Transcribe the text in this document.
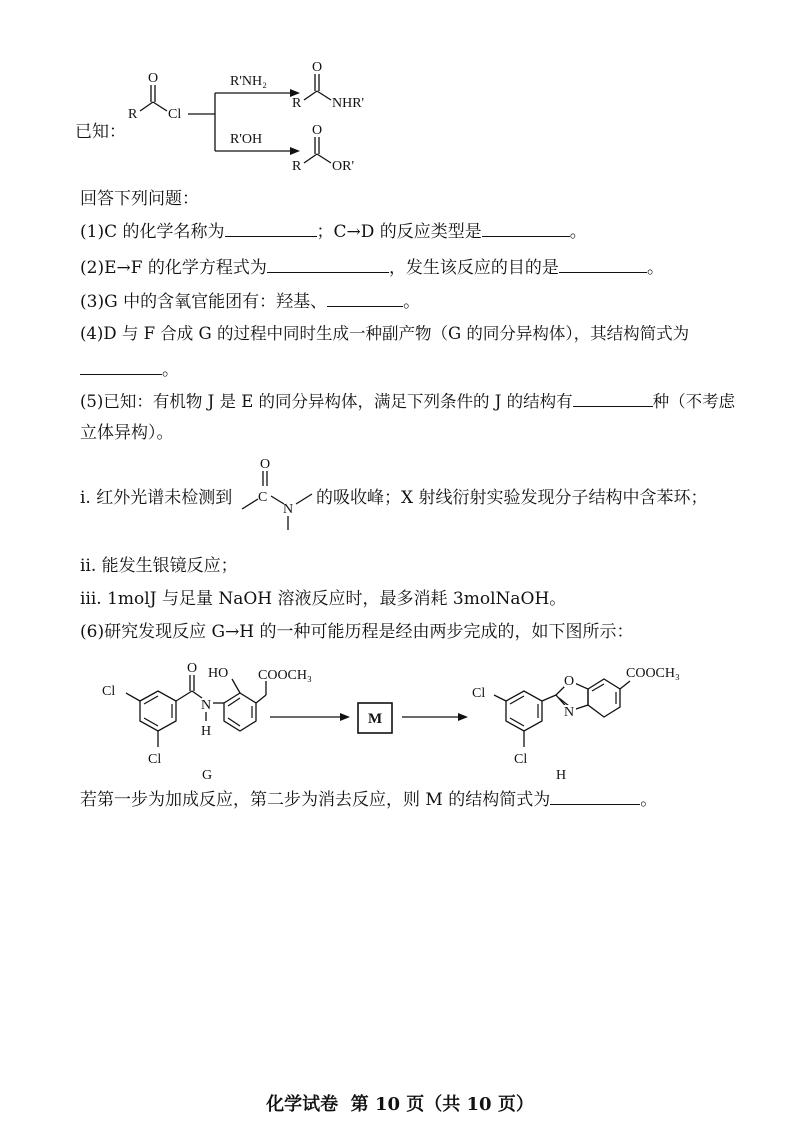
已知：
R
O
Cl
R'NH₂
R'OH
R
O
NHR'
R
O
OR'
回答下列问题：
(1)C 的化学名称为	；C→D 的反应类型是	。
(2)E→F 的化学方程式为	，发生该反应的目的是	。
(3)G 中的含氧官能团有：羟基、	。
(4)D 与 F 合成 G 的过程中同时生成一种副产物（G 的同分异构体），其结构简式为
。
(5)已知：有机物 J 是 E 的同分异构体，满足下列条件的 J 的结构有	种（不考虑
立体异构）。
ⅰ. 红外光谱未检测到 C
O
N
的吸收峰；X 射线衍射实验发现分子结构中含苯环；
ⅱ. 能发生银镜反应；
ⅲ. 1molJ 与足量 NaOH 溶液反应时，最多消耗 3molNaOH。
(6)研究发现反应 G→H 的一种可能历程是经由两步完成的，如下图所示：
Cl
Cl
O
N
H
HO COOCH₃
G
M
Cl
Cl
O
N
COOCH₃
H
若第一步为加成反应，第二步为消去反应，则 M 的结构简式为	。
化学试卷  第 10 页（共 10 页）
